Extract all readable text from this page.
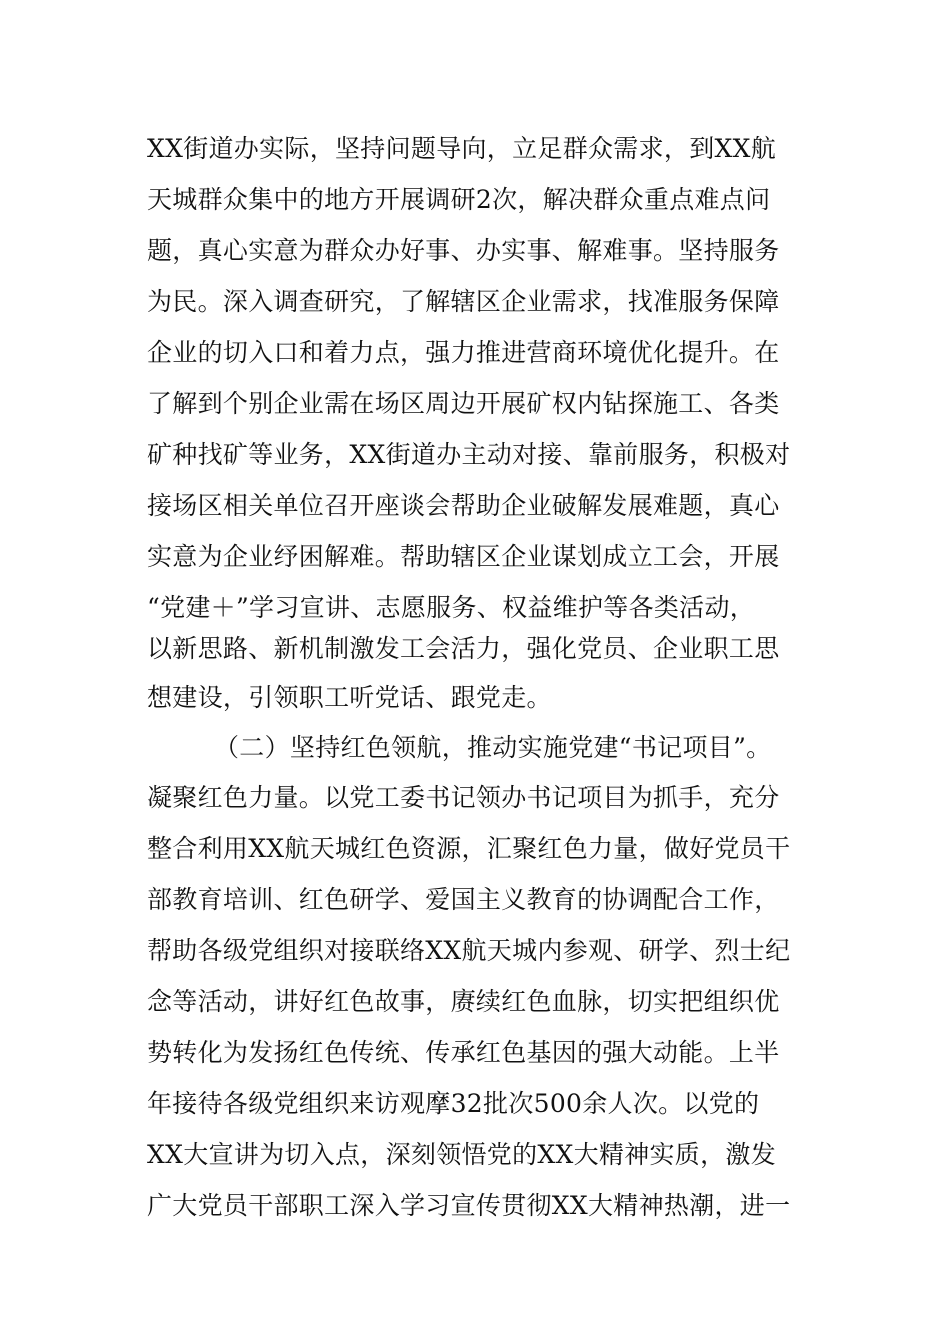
XX街道办实际，坚持问题导向，立足群众需求，到XX航
天城群众集中的地方开展调研2次，解决群众重点难点问
题，真心实意为群众办好事、办实事、解难事。坚持服务
为民。深入调查研究，了解辖区企业需求，找准服务保障
企业的切入口和着力点，强力推进营商环境优化提升。在
了解到个别企业需在场区周边开展矿权内钻探施工、各类
矿种找矿等业务，XX街道办主动对接、靠前服务，积极对
接场区相关单位召开座谈会帮助企业破解发展难题，真心
实意为企业纾困解难。帮助辖区企业谋划成立工会，开展
“党建＋”学习宣讲、志愿服务、权益维护等各类活动，
以新思路、新机制激发工会活力，强化党员、企业职工思
想建设，引领职工听党话、跟党走。
（二）坚持红色领航，推动实施党建“书记项目”。
凝聚红色力量。以党工委书记领办书记项目为抓手，充分
整合利用XX航天城红色资源，汇聚红色力量，做好党员干
部教育培训、红色研学、爱国主义教育的协调配合工作，
帮助各级党组织对接联络XX航天城内参观、研学、烈士纪
念等活动，讲好红色故事，赓续红色血脉，切实把组织优
势转化为发扬红色传统、传承红色基因的强大动能。上半
年接待各级党组织来访观摩32批次500余人次。以党的
XX大宣讲为切入点，深刻领悟党的XX大精神实质，激发
广大党员干部职工深入学习宣传贯彻XX大精神热潮，进一
